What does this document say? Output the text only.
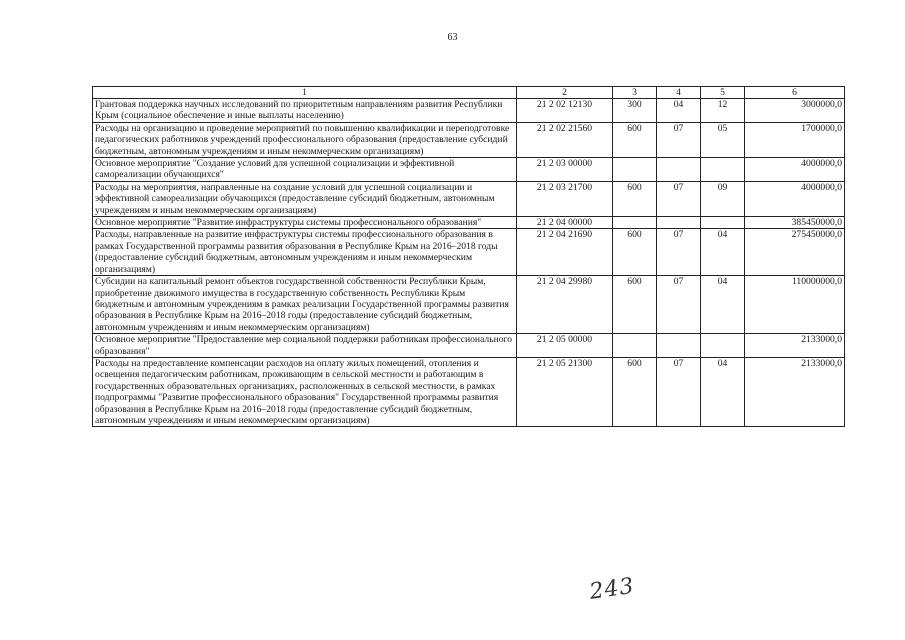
63
1	2	3	4	5	6
Грантовая поддержка научных исследований по приоритетным направлениям развития Республики Крым (социальное обеспечение и иные выплаты населению)	21 2 02 12130	300	04	12	3000000,0
Расходы на организацию и проведение мероприятий по повышению квалификации и переподготовке педагогических работников учреждений профессионального образования (предоставление субсидий бюджетным, автономным учреждениям и иным некоммерческим организациям)	21 2 02 21560	600	07	05	1700000,0
Основное мероприятие "Создание условий для успешной социализации и эффективной самореализации обучающихся"	21 2 03 00000				4000000,0
Расходы на мероприятия, направленные на создание условий для успешной социализации и эффективной самореализации обучающихся (предоставление субсидий бюджетным, автономным учреждениям и иным некоммерческим организациям)	21 2 03 21700	600	07	09	4000000,0
Основное мероприятие "Развитие инфраструктуры системы профессионального образования"	21 2 04 00000				385450000,0
Расходы, направленные на развитие инфраструктуры системы профессионального образования в рамках Государственной программы развития образования в Республике Крым на 2016–2018 годы (предоставление субсидий бюджетным, автономным учреждениям и иным некоммерческим организациям)	21 2 04 21690	600	07	04	275450000,0
Субсидии на капитальный ремонт объектов государственной собственности Республики Крым, приобретение движимого имущества в государственную собственность Республики Крым бюджетным и автономным учреждениям в рамках реализации Государственной программы развития образования в Республике Крым на 2016–2018 годы (предоставление субсидий бюджетным, автономным учреждениям и иным некоммерческим организациям)	21 2 04 29980	600	07	04	110000000,0
Основное мероприятие "Предоставление мер социальной поддержки работникам профессионального образования"	21 2 05 00000				2133000,0
Расходы на предоставление компенсации расходов на оплату жилых помещений, отопления и освещения педагогическим работникам, проживающим в сельской местности и работающим в государственных образовательных организациях, расположенных в сельской местности, в рамках подпрограммы "Развитие профессионального образования" Государственной программы развития образования в Республике Крым на 2016–2018 годы (предоставление субсидий бюджетным, автономным учреждениям и иным некоммерческим организациям)	21 2 05 21300	600	07	04	2133000,0
243
